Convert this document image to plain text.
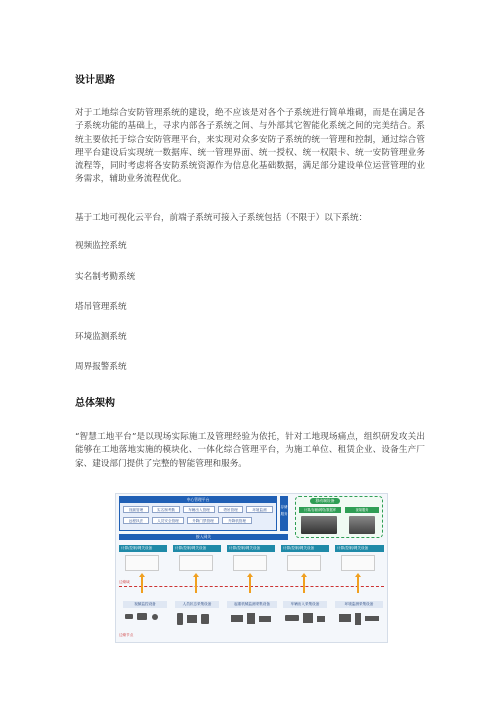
设计思路
对于工地综合安防管理系统的建设，绝不应该是对各个子系统进行简单堆砌，而是在满足各子系统功能的基础上，寻求内部各子系统之间、与外部其它智能化系统之间的完美结合。系统主要依托于综合安防管理平台，来实现对众多安防子系统的统一管理和控制，通过综合管理平台建设后实现统一数据库、统一管理界面、统一授权、统一权限卡、统一安防管理业务流程等，同时考虑将各安防系统资源作为信息化基础数据，满足部分建设单位运营管理的业务需求，辅助业务流程优化。
基于工地可视化云平台，前端子系统可接入子系统包括（不限于）以下系统：
视频监控系统
实名制考勤系统
塔吊管理系统
环境监测系统
周界报警系统
总体架构
“智慧工地平台”是以现场实际施工及管理经验为依托，针对工地现场痛点，组织研发攻关出能够在工地落地实施的模块化、一体化综合管理平台，为施工单位、租赁企业、设备生产厂家、建设部门提供了完整的智能管理和服务。
中心管理平台
视频管理	实名制考勤	车辆出入管理	塔吊管理	环境监测
远程执法	人员安全管理	升降门禁管理	升降机管理
存储服务
接入网关
移动端设备
计算/存储/网络/数据库	视频服务
计算/控制/网关设备	计算/控制/网关设备	计算/控制/网关设备	计算/控制/网关设备	计算/控制/网关设备
边缘域
视频监控设备	人员状态采集设备	起重机械监测采集设备	车辆出入采集设备	环境监测采集设备
边缘节点
